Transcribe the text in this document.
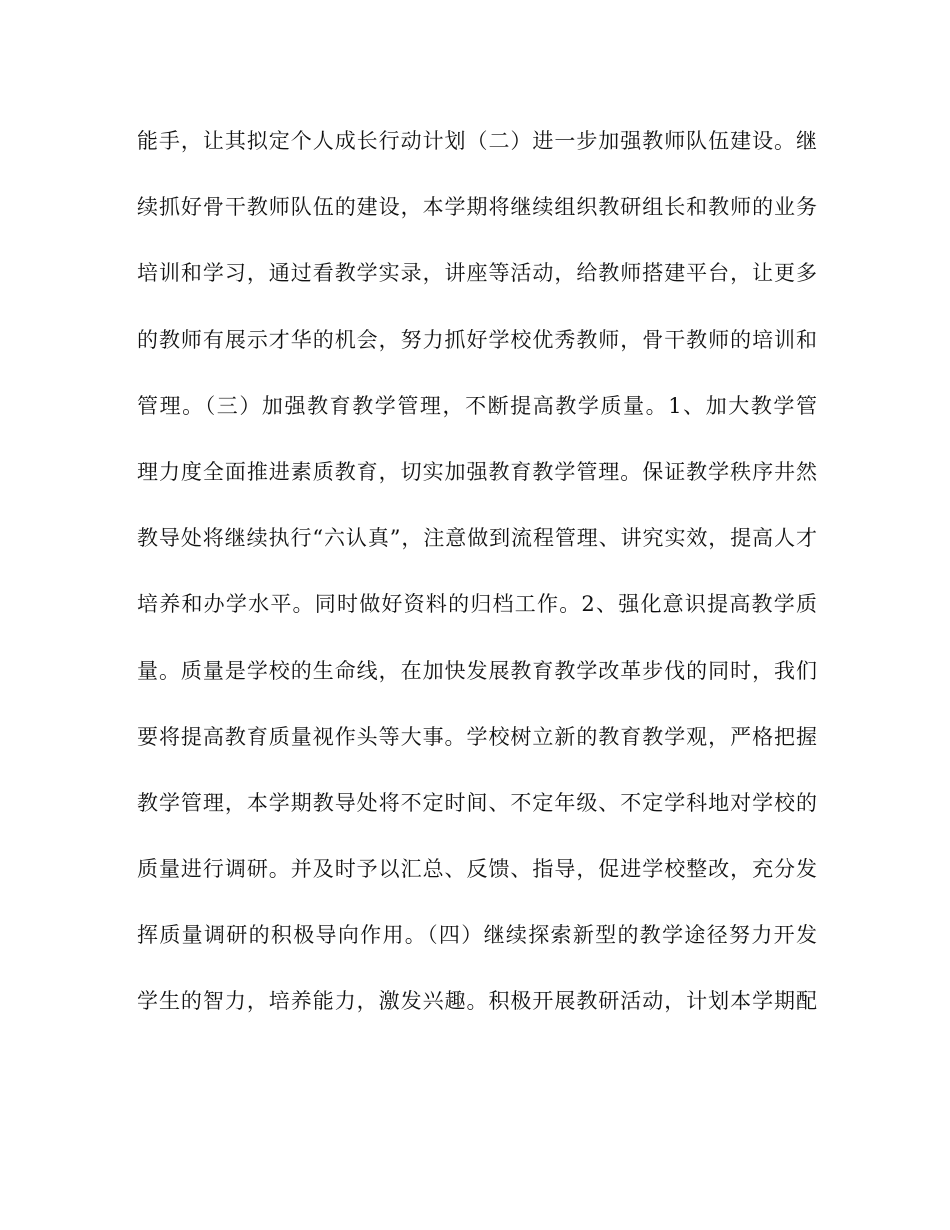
能手，让其拟定个人成长行动计划（二）进一步加强教师队伍建设。继
续抓好骨干教师队伍的建设，本学期将继续组织教研组长和教师的业务
培训和学习，通过看教学实录，讲座等活动，给教师搭建平台，让更多
的教师有展示才华的机会，努力抓好学校优秀教师，骨干教师的培训和
管理。（三）加强教育教学管理，不断提高教学质量。1、加大教学管
理力度全面推进素质教育，切实加强教育教学管理。保证教学秩序井然
教导处将继续执行“六认真”，注意做到流程管理、讲究实效，提高人才
培养和办学水平。同时做好资料的归档工作。2、强化意识提高教学质
量。质量是学校的生命线，在加快发展教育教学改革步伐的同时，我们
要将提高教育质量视作头等大事。学校树立新的教育教学观，严格把握
教学管理，本学期教导处将不定时间、不定年级、不定学科地对学校的
质量进行调研。并及时予以汇总、反馈、指导，促进学校整改，充分发
挥质量调研的积极导向作用。（四）继续探索新型的教学途径努力开发
学生的智力，培养能力，激发兴趣。积极开展教研活动，计划本学期配
